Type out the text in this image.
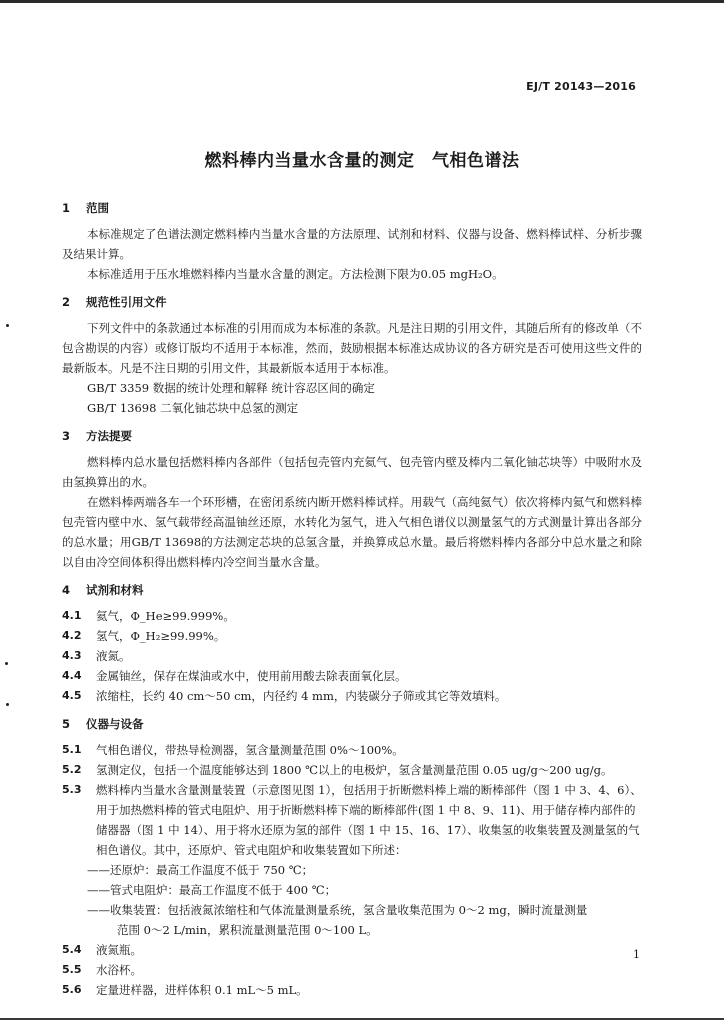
EJ/T 20143—2016
燃料棒内当量水含量的测定　气相色谱法
1 范围

本标准规定了色谱法测定燃料棒内当量水含量的方法原理、试剂和材料、仪器与设备、燃料棒试样、分析步骤及结果计算。

本标准适用于压水堆燃料棒内当量水含量的测定。方法检测下限为0.05 mgH₂O。

2 规范性引用文件

下列文件中的条款通过本标准的引用而成为本标准的条款。凡是注日期的引用文件，其随后所有的修改单（不包含勘误的内容）或修订版均不适用于本标准，然而，鼓励根据本标准达成协议的各方研究是否可使用这些文件的最新版本。凡是不注日期的引用文件，其最新版本适用于本标准。

GB/T 3359 数据的统计处理和解释 统计容忍区间的确定

GB/T 13698 二氧化铀芯块中总氢的测定

3 方法提要

燃料棒内总水量包括燃料棒内各部件（包括包壳管内充氦气、包壳管内壁及棒内二氧化铀芯块等）中吸附水及由氢换算出的水。

在燃料棒两端各车一个环形槽，在密闭系统内断开燃料棒试样。用载气（高纯氦气）依次将棒内氦气和燃料棒包壳管内壁中水、氢气载带经高温铀丝还原，水转化为氢气，进入气相色谱仪以测量氢气的方式测量计算出各部分的总水量；用GB/T 13698的方法测定芯块的总氢含量，并换算成总水量。最后将燃料棒内各部分中总水量之和除以自由冷空间体积得出燃料棒内冷空间当量水含量。

4 试剂和材料
4.1	氦气，Φ_He≥99.999%。
4.2	氢气，Φ_H₂≥99.99%。
4.3	液氮。
4.4	金属铀丝，保存在煤油或水中，使用前用酸去除表面氧化层。
4.5	浓缩柱，长约 40 cm～50 cm，内径约 4 mm，内装碳分子筛或其它等效填料。
5 仪器与设备
5.1	气相色谱仪，带热导检测器，氢含量测量范围 0%～100%。
5.2	氢测定仪，包括一个温度能够达到 1800 ℃以上的电极炉，氢含量测量范围 0.05 ug/g～200 ug/g。
5.3	燃料棒内当量水含量测量装置（示意图见图 1），包括用于折断燃料棒上端的断棒部件（图 1 中 3、4、6）、用于加热燃料棒的管式电阻炉、用于折断燃料棒下端的断棒部件(图 1 中 8、9、11)、用于储存棒内部件的储器器（图 1 中 14）、用于将水还原为氢的部件（图 1 中 15、16、17）、收集氢的收集装置及测量氢的气相色谱仪。其中，还原炉、管式电阻炉和收集装置如下所述：

——还原炉：最高工作温度不低于 750 ℃；

——管式电阻炉：最高工作温度不低于 400 ℃；

——收集装置：包括液氮浓缩柱和气体流量测量系统，氢含量收集范围为 0～2 mg，瞬时流量测量

范围 0～2 L/min，累积流量测量范围 0～100 L。

5.4	液氮瓶。
5.5	水浴杯。
5.6	定量进样器，进样体积 0.1 mL～5 mL。
1
